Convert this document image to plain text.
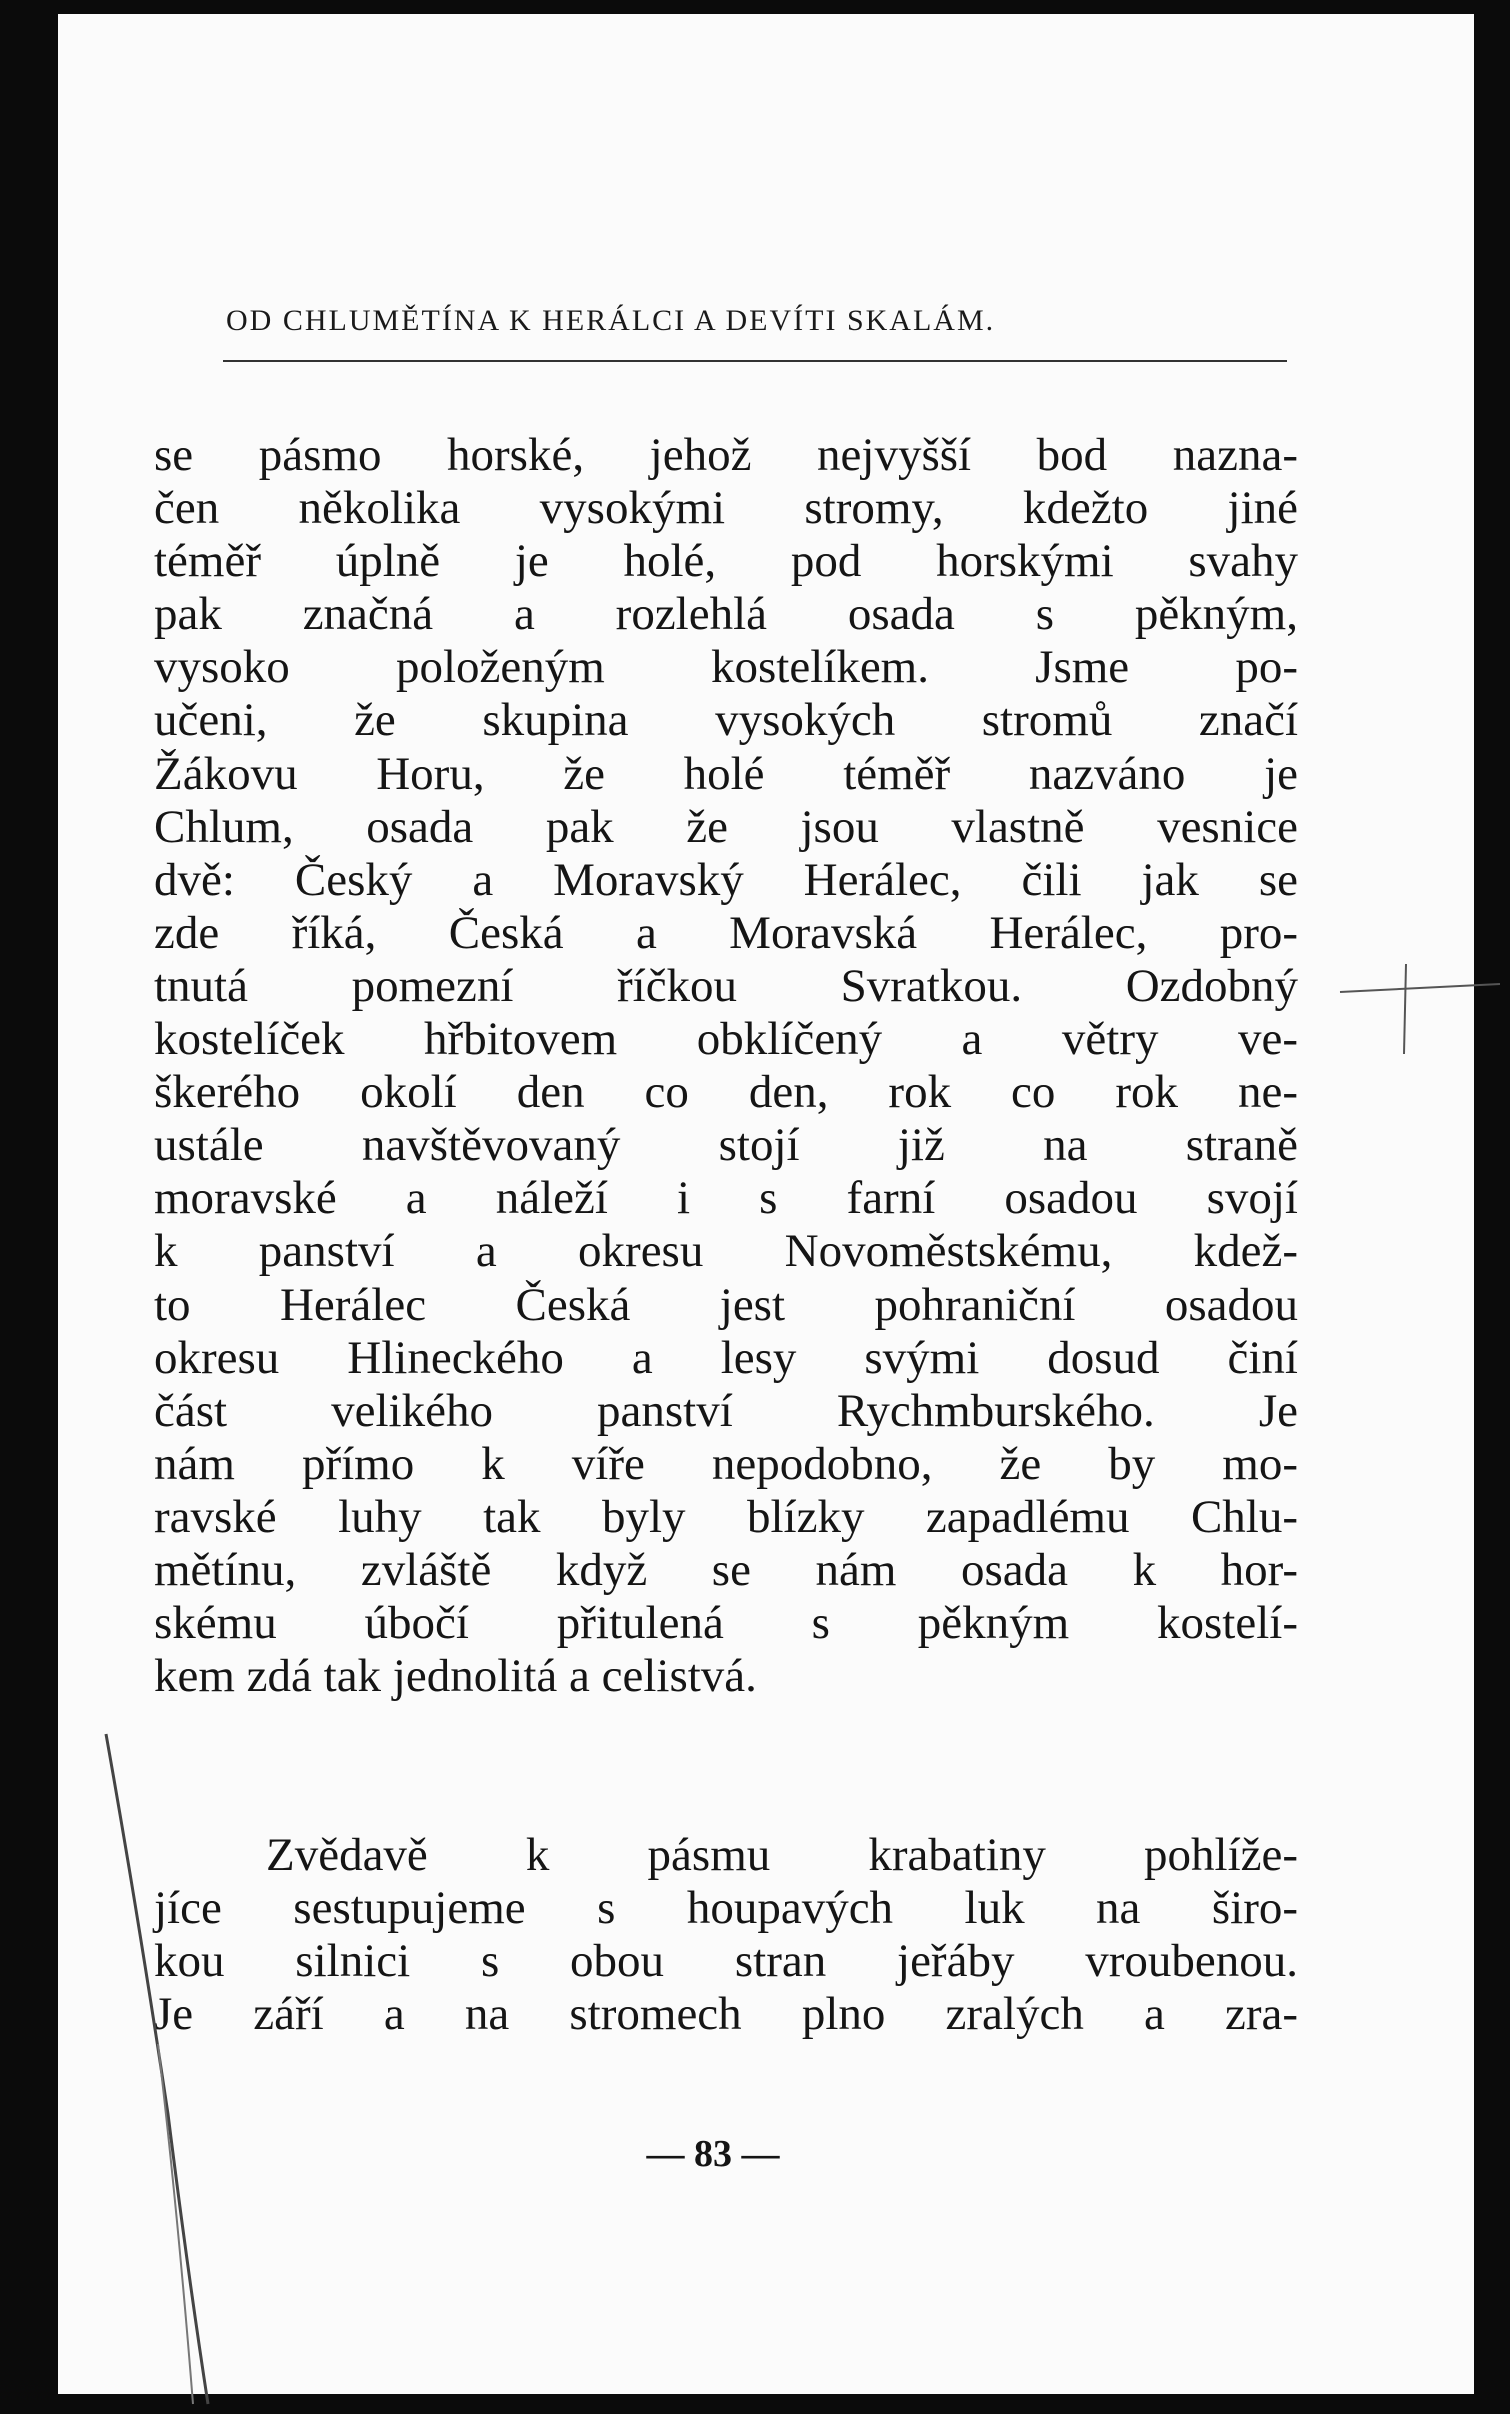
OD CHLUMĚTÍNA K HERÁLCI A DEVÍTI SKALÁM.
se pásmo horské, jehož nejvyšší bod nazna-
čen několika vysokými stromy, kdežto jiné
téměř úplně je holé, pod horskými svahy
pak značná a rozlehlá osada s pěkným,
vysoko položeným kostelíkem. Jsme po-
učeni, že skupina vysokých stromů značí
Žákovu Horu, že holé téměř nazváno je
Chlum, osada pak že jsou vlastně vesnice
dvě: Český a Moravský Herálec, čili jak se
zde říká, Česká a Moravská Herálec, pro-
tnutá pomezní říčkou Svratkou. Ozdobný
kostelíček hřbitovem obklíčený a větry ve-
škerého okolí den co den, rok co rok ne-
ustále navštěvovaný stojí již na straně
moravské a náleží i s farní osadou svojí
k panství a okresu Novoměstskému, kdež-
to Herálec Česká jest pohraniční osadou
okresu Hlineckého a lesy svými dosud činí
část velikého panství Rychmburského. Je
nám přímo k víře nepodobno, že by mo-
ravské luhy tak byly blízky zapadlému Chlu-
mětínu, zvláště když se nám osada k hor-
skému úbočí přitulená s pěkným kostelí-
kem zdá tak jednolitá a celistvá.
Zvědavě k pásmu krabatiny pohlíže-
jíce sestupujeme s houpavých luk na širo-
kou silnici s obou stran jeřáby vroubenou.
Je září a na stromech plno zralých a zra-
— 83 —
